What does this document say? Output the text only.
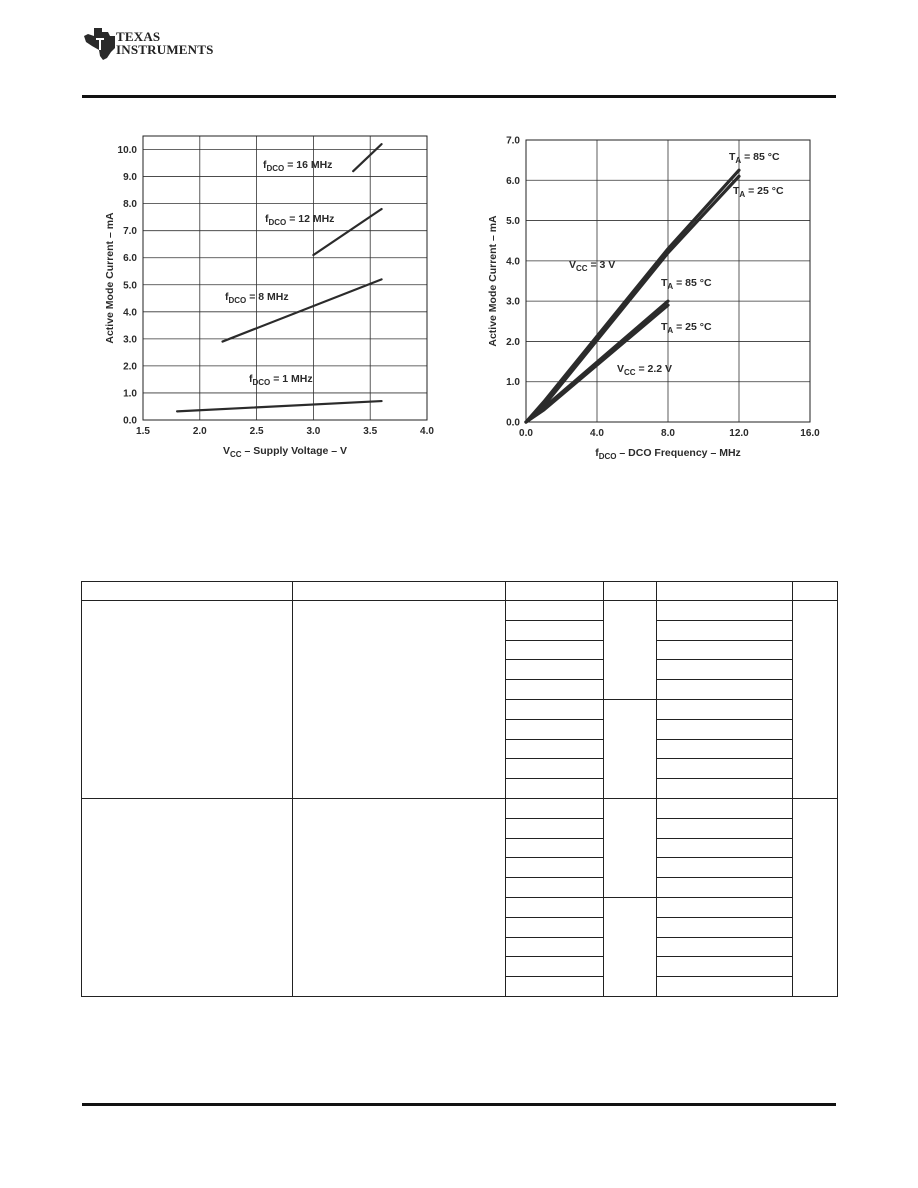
TEXAS
INSTRUMENTS
1.5	2.0	2.5	3.0	3.5	4.0
0.0
1.0
2.0
3.0
4.0
5.0
6.0
7.0
8.0
9.0
10.0
$V_{CC}$ – Supply Voltage – V
Active Mode Current – mA
$f_{DCO} = 16$ MHz
$f_{DCO} = 12$ MHz
$f_{DCO} = 8$ MHz
$f_{DCO} = 1$ MHz
0.0	4.0	8.0	12.0	16.0
0.0
1.0
2.0
3.0
4.0
5.0
6.0
7.0
$f_{DCO}$ – DCO Frequency – MHz
Active Mode Current – mA
$T_A = 85$ °C
$T_A = 25$ °C
$V_{CC} = 3$ V
$T_A = 85$ °C
$T_A = 25$ °C
$V_{CC} = 2.2$ V
